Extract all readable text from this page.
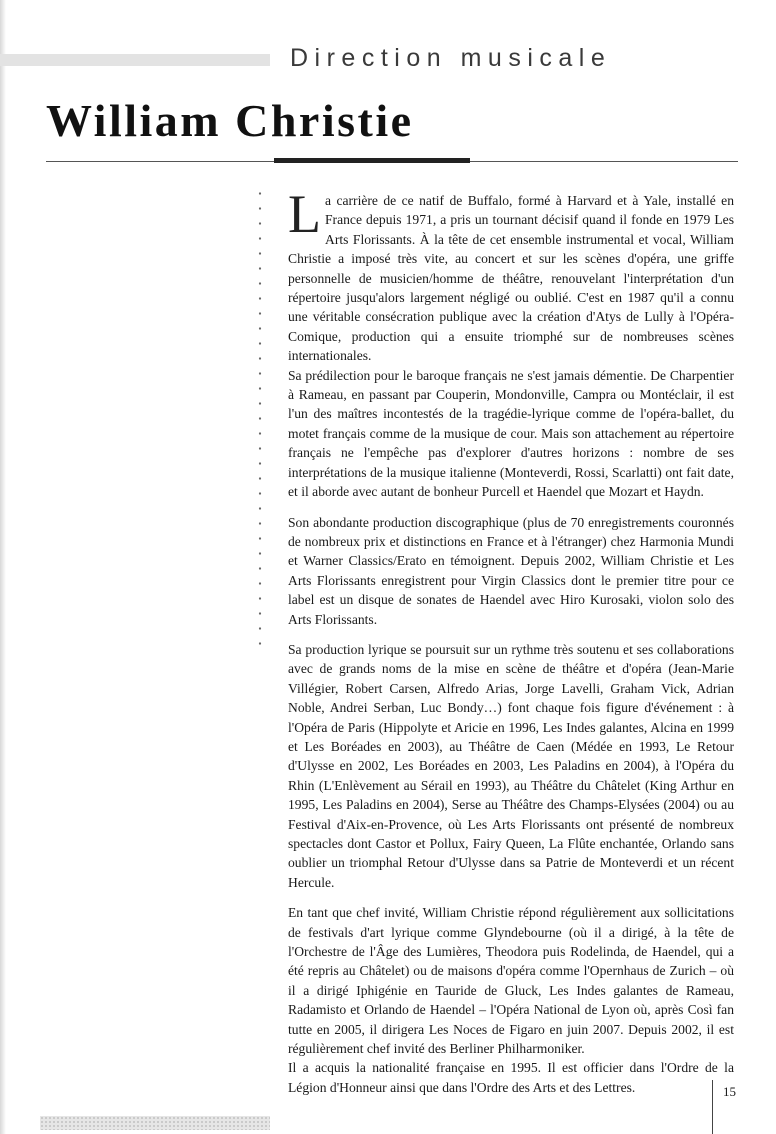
Direction musicale
William Christie

La carrière de ce natif de Buffalo, formé à Harvard et à Yale, installé en France depuis 1971, a pris un tournant décisif quand il fonde en 1979 Les Arts Florissants. À la tête de cet ensemble instrumental et vocal, William Christie a imposé très vite, au concert et sur les scènes d'opéra, une griffe personnelle de musicien/homme de théâtre, renouvelant l'interprétation d'un répertoire jusqu'alors largement négligé ou oublié. C'est en 1987 qu'il a connu une véritable consécration publique avec la création d'Atys de Lully à l'Opéra-Comique, production qui a ensuite triomphé sur de nombreuses scènes internationales.

Sa prédilection pour le baroque français ne s'est jamais démentie. De Charpentier à Rameau, en passant par Couperin, Mondonville, Campra ou Montéclair, il est l'un des maîtres incontestés de la tragédie-lyrique comme de l'opéra-ballet, du motet français comme de la musique de cour. Mais son attachement au répertoire français ne l'empêche pas d'explorer d'autres horizons : nombre de ses interprétations de la musique italienne (Monteverdi, Rossi, Scarlatti) ont fait date, et il aborde avec autant de bonheur Purcell et Haendel que Mozart et Haydn.

Son abondante production discographique (plus de 70 enregistrements couronnés de nombreux prix et distinctions en France et à l'étranger) chez Harmonia Mundi et Warner Classics/Erato en témoignent. Depuis 2002, William Christie et Les Arts Florissants enregistrent pour Virgin Classics dont le premier titre pour ce label est un disque de sonates de Haendel avec Hiro Kurosaki, violon solo des Arts Florissants.

Sa production lyrique se poursuit sur un rythme très soutenu et ses collaborations avec de grands noms de la mise en scène de théâtre et d'opéra (Jean-Marie Villégier, Robert Carsen, Alfredo Arias, Jorge Lavelli, Graham Vick, Adrian Noble, Andrei Serban, Luc Bondy…) font chaque fois figure d'événement : à l'Opéra de Paris (Hippolyte et Aricie en 1996, Les Indes galantes, Alcina en 1999 et Les Boréades en 2003), au Théâtre de Caen (Médée en 1993, Le Retour d'Ulysse en 2002, Les Boréades en 2003, Les Paladins en 2004), à l'Opéra du Rhin (L'Enlèvement au Sérail en 1993), au Théâtre du Châtelet (King Arthur en 1995, Les Paladins en 2004), Serse au Théâtre des Champs-Elysées (2004) ou au Festival d'Aix-en-Provence, où Les Arts Florissants ont présenté de nombreux spectacles dont Castor et Pollux, Fairy Queen, La Flûte enchantée, Orlando sans oublier un triomphal Retour d'Ulysse dans sa Patrie de Monteverdi et un récent Hercule.

En tant que chef invité, William Christie répond régulièrement aux sollicitations de festivals d'art lyrique comme Glyndebourne (où il a dirigé, à la tête de l'Orchestre de l'Âge des Lumières, Theodora puis Rodelinda, de Haendel, qui a été repris au Châtelet) ou de maisons d'opéra comme l'Opernhaus de Zurich – où il a dirigé Iphigénie en Tauride de Gluck, Les Indes galantes de Rameau, Radamisto et Orlando de Haendel – l'Opéra National de Lyon où, après Così fan tutte en 2005, il dirigera Les Noces de Figaro en juin 2007. Depuis 2002, il est régulièrement chef invité des Berliner Philharmoniker.

Il a acquis la nationalité française en 1995. Il est officier dans l'Ordre de la Légion d'Honneur ainsi que dans l'Ordre des Arts et des Lettres.	15
